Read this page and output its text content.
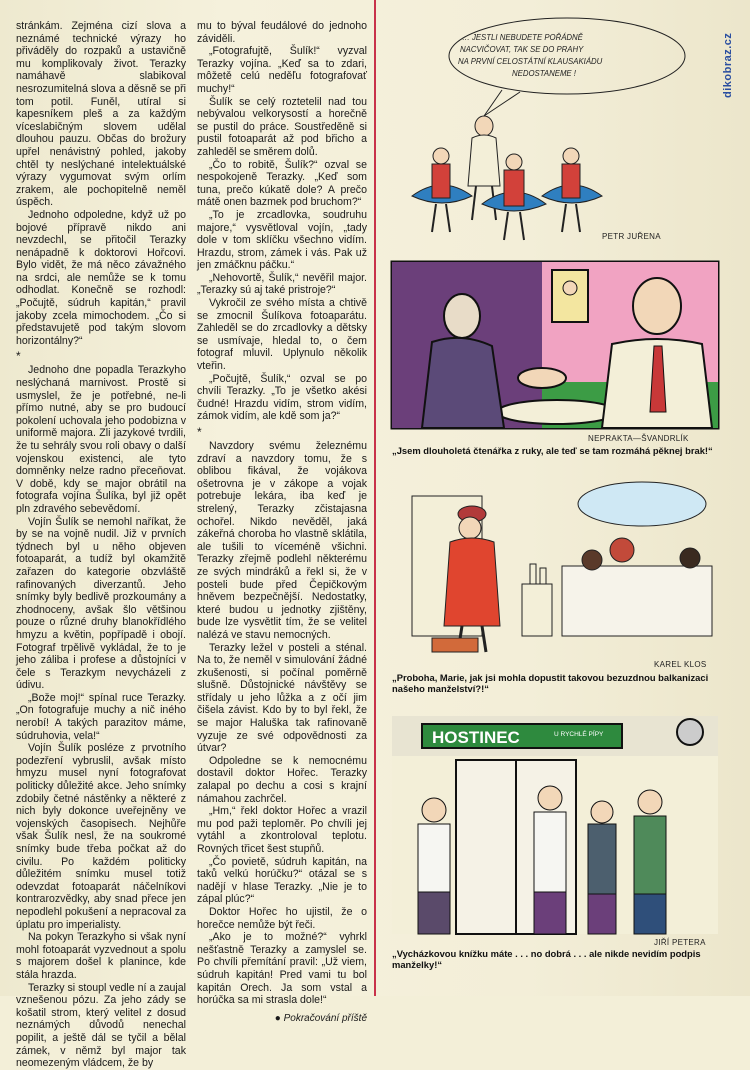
stránkám. Zejména cizí slova a neznámé technické výrazy ho přiváděly do rozpaků a ustavičně mu komplikovaly život. Terazky namáhavě slabikoval nesrozumitelná slova a děsně se při tom potil. Funěl, utíral si kapesníkem pleš a za každým víceslabičným slovem udělal dlouhou pauzu. Občas do brožury upřel nenávistný pohled, jakoby chtěl ty neslýchané intelektuálské výrazy vygumovat svým orlím zrakem, ale pochopitelně neměl úspěch.

Jednoho odpoledne, když už po bojové přípravě nikdo ani nevzdechl, se přitočil Terazky nenápadně k doktorovi Hořcovi. Bylo vidět, že má něco závažného na srdci, ale nemůže se k tomu odhodlat. Konečně se rozhodl: „Počujtě, súdruh kapitán,“ pravil jakoby zcela mimochodem. „Čo si představujetě pod takým slovom horizontálny?“

*

Jednoho dne popadla Terazkyho neslýchaná marnivost. Prostě si usmyslel, že je potřebné, ne-li přímo nutné, aby se pro budoucí pokolení uchovala jeho podobizna v uniformě majora. Zli jazykové tvrdili, že tu sehrály svou roli obavy o další vojenskou existenci, ale tyto domněnky nelze radno přeceňovat. V době, kdy se major obrátil na fotografa vojína Šulíka, byl již opět pln zdravého sebevědomí.

Vojín Šulík se nemohl naříkat, že by se na vojně nudil. Již v prvních týdnech byl u něho objeven fotoaparát, a tudíž byl okamžitě zařazen do kategorie obzvláště rafinovaných diverzantů. Jeho snímky byly bedlivě prozkoumány a zhodnoceny, avšak šlo většinou pouze o různé druhy blanokřídlého hmyzu a květin, popřípadě i obojí. Fotograf trpělivě vykládal, že to je jeho záliba i profese a důstojníci v čele s Terazkym nevycházeli z údivu.

„Bože moj!“ spínal ruce Terazky. „On fotografuje muchy a nič iného nerobí! A takých parazitov máme, súdruhovia, vela!“

Vojín Šulík posléze z prvotního podezření vybruslil, avšak místo hmyzu musel nyní fotografovat politicky důležité akce. Jeho snímky zdobily četné nástěnky a některé z nich byly dokonce uveřejněny ve vojenských časopisech. Nejhůře však Šulík nesl, že na soukromé snímky bude třeba počkat až do civilu. Po každém politicky důležitém snímku musel totiž odevzdat fotoaparát náčelníkovi kontrarozvědky, aby snad přece jen nepodlehl pokušení a nepracoval za úplatu pro imperialisty.

Na pokyn Terazkyho si však nyní mohl fotoaparát vyzvednout a spolu s majorem došel k planince, kde stála hrazda.

Terazky si stoupl vedle ní a zaujal vznešenou pózu. Za jeho zády se košatil strom, který velitel z dosud neznámých důvodů nenechal popilit, a ještě dál se tyčil a bělal zámek, v němž byl major tak neomezeným vládcem, že by

mu to býval feudálové do jednoho záviděli.

„Fotografujtě, Šulík!“ vyzval Terazky vojína. „Keď sa to zdari, môžetě celú neděľu fotografovať muchy!“

Šulík se celý roztetelil nad tou nebývalou velkorysostí a horečně se pustil do práce. Soustředěně si pustil fotoaparát až pod břicho a zahleděl se směrem dolů.

„Čo to robitě, Šulík?“ ozval se nespokojeně Terazky. „Keď som tuna, prečo kúkatě dole? A prečo mátě onen bazmek pod bruchom?“

„To je zrcadlovka, soudruhu majore,“ vysvětloval vojín, „tady dole v tom sklíčku všechno vidím. Hrazdu, strom, zámek i vás. Pak už jen zmáčknu páčku.“

„Nehovortě, Šulík,“ nevěřil major. „Terazky sú aj také pristroje?“

Vykročil ze svého místa a chtivě se zmocnil Šulíkova fotoaparátu. Zahleděl se do zrcadlovky a dětsky se usmívaje, hledal to, o čem fotograf mluvil. Uplynulo několik vteřin.

„Počujtě, Šulík,“ ozval se po chvíli Terazky. „To je všetko akési čudné! Hrazdu vidím, strom vidím, zámok vidím, ale kdě som ja?“

*

Navzdory svému železnému zdraví a navzdory tomu, že s oblibou fikával, že vojákova ošetrovna je v zákope a vojak potrebuje lekára, iba keď je strelený, Terazky zčistajasna ochořel. Nikdo nevěděl, jaká zákeřná choroba ho vlastně sklátila, ale tušili to víceméně všichni. Terazky zřejmě podlehl některému ze svých mindráků a řekl si, že v posteli bude před Čepičkovým hněvem bezpečnější. Nedostatky, které budou u jednotky zjištěny, bude lze vysvětlit tím, že se velitel nalézá ve stavu nemocných.

Terazky ležel v posteli a sténal. Na to, že neměl v simulování žádné zkušenosti, si počínal poměrně slušně. Důstojnické návštěvy se střídaly u jeho lůžka a z očí jim čišela závist. Kdo by to byl řekl, že se major Haluška tak rafinovaně vyzuje ze své odpovědnosti za útvar?

Odpoledne se k nemocnému dostavil doktor Hořec. Terazky zalapal po dechu a cosi s krajní námahou zachrčel.

„Hm,“ řekl doktor Hořec a vrazil mu pod paži teploměr. Po chvíli jej vytáhl a zkontroloval teplotu. Rovných třicet šest stupňů.

„Čo povietě, súdruh kapitán, na taků velkú horúčku?“ otázal se s nadějí v hlase Terazky. „Nie je to zápal plúc?“

Doktor Hořec ho ujistil, že o horečce nemůže být řeči.

„Ako je to možné?“ vyhrkl nešťastně Terazky a zamyslel se. Po chvíli přemítání pravil: „Už viem, súdruh kapitán! Pred vami tu bol kapitán Orech. Ja som vstal a horúčka sa mi strasla dole!“

● Pokračování příště
dikobraz.cz
… JESTLI NEBUDETE POŘÁDNĚ
NACVIČOVAT, TAK SE DO PRAHY
NA PRVNÍ CELOSTÁTNÍ KLAUSAKIÁDU
NEDOSTANEME !
PETR JUŘENA
NEPRAKTA—ŠVANDRLÍK
„Jsem dlouholetá čtenářka z ruky, ale teď se tam rozmáhá pěknej brak!“
KAREL KLOS
„Proboha, Marie, jak jsi mohla dopustit takovou bezuzdnou balkanizaci našeho manželství?!“
HOSTINEC	U RYCHLÉ PÍPY
JIŘÍ PETERA
„Vycházkovou knížku máte . . . no dobrá . . . ale nikde nevidím podpis manželky!“
